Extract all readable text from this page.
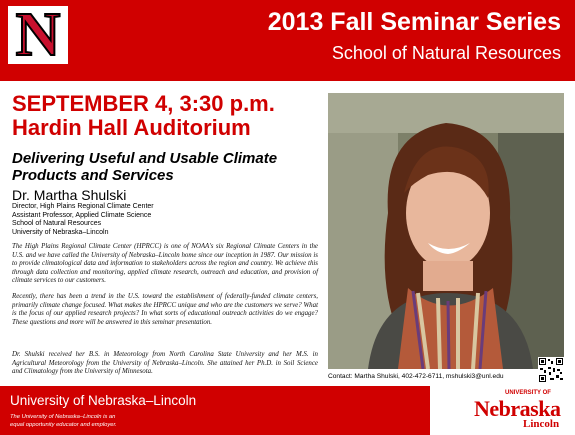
N	2013 Fall Seminar Series
School of Natural Resources
SEPTEMBER 4, 3:30 p.m.
Hardin Hall Auditorium
Delivering Useful and Usable Climate Products and Services
Dr. Martha Shulski
Director, High Plains Regional Climate Center
Assistant Professor, Applied Climate Science
School of Natural Resources
University of Nebraska–Lincoln
The High Plains Regional Climate Center (HPRCC) is one of NOAA's six Regional Climate Centers in the U.S. and we have called the University of Nebraska–Lincoln home since our inception in 1987. Our mission is to provide climatological data and information to stakeholders across the region and country. We achieve this through data collection and monitoring, applied climate research, outreach and education, and provision of climate services to our customers.
Recently, there has been a trend in the U.S. toward the establishment of federally-funded climate centers, primarily climate change focused. What makes the HPRCC unique and who are the customers we serve? What is the focus of our applied research projects? In what sorts of educational outreach activities do we engage? These questions and more will be answered in this seminar presentation.
Dr. Shulski received her B.S. in Meteorology from North Carolina State University and her M.S. in Agricultural Meteorology from the University of Nebraska–Lincoln. She attained her Ph.D. in Soil Science and Climatology from the University of Minnesota.
Contact: Martha Shulski, 402-472-6711, mshulski3@unl.edu
University of Nebraska–Lincoln
The University of Nebraska–Lincoln is an
equal opportunity educator and employer.
UNIVERSITY OF
Nebraska
Lincoln
